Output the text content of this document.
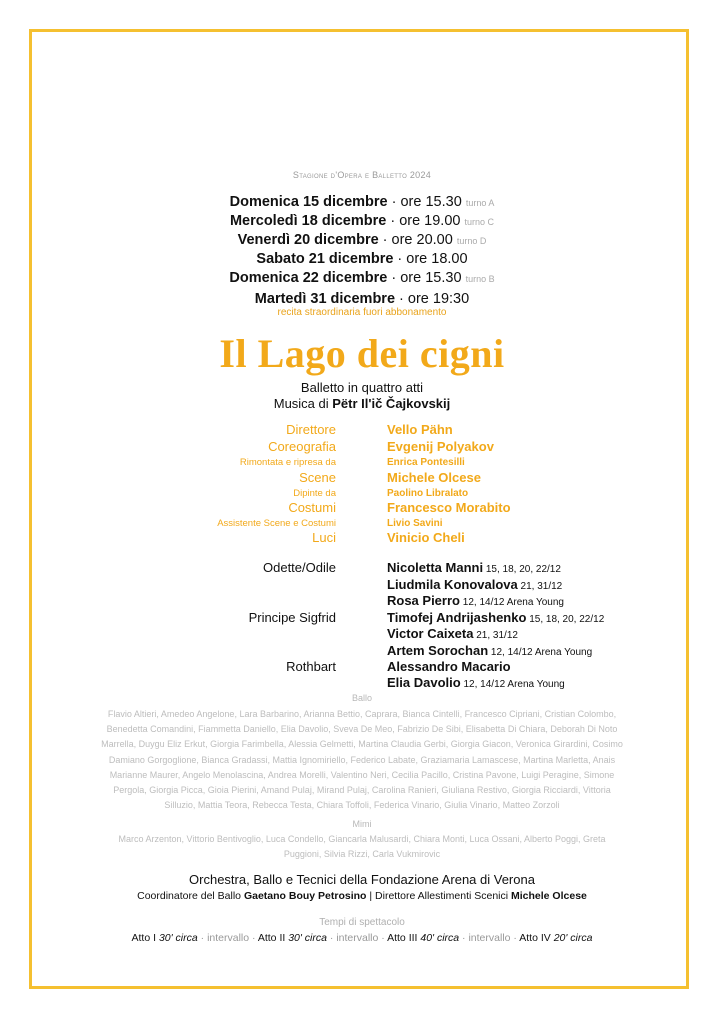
Stagione d'Opera e Balletto 2024
Domenica 15 dicembre · ore 15.30 turno A
Mercoledì 18 dicembre · ore 19.00 turno C
Venerdì 20 dicembre · ore 20.00 turno D
Sabato 21 dicembre · ore 18.00
Domenica 22 dicembre · ore 15.30 turno B
Martedì 31 dicembre · ore 19:30
recita straordinaria fuori abbonamento
Il Lago dei cigni
Balletto in quattro atti
Musica di Pëtr Il'ič Čajkovskij
Direttore	Vello Pähn
Coreografia	Evgenij Polyakov
Rimontata e ripresa da	Enrica Pontesilli
Scene	Michele Olcese
Dipinte da	Paolino Libralato
Costumi	Francesco Morabito
Assistente Scene e Costumi	Livio Savini
Luci	Vinicio Cheli
Odette/Odile	Nicoletta Manni 15, 18, 20, 22/12
Liudmila Konovalova 21, 31/12
Rosa Pierro 12, 14/12 Arena Young
Principe Sigfrid	Timofej Andrijashenko 15, 18, 20, 22/12
Victor Caixeta 21, 31/12
Artem Sorochan 12, 14/12 Arena Young
Rothbart	Alessandro Macario
Elia Davolio 12, 14/12 Arena Young
Ballo
Flavio Altieri, Amedeo Angelone, Lara Barbarino, Arianna Bettio, Caprara, Bianca Cintelli, Francesco Cipriani, Cristian Colombo, Benedetta Comandini, Fiammetta Daniello, Elia Davolio, Sveva De Meo, Fabrizio De Sibi, Elisabetta Di Chiara, Deborah Di Noto Marrella, Duygu Eliz Erkut, Giorgia Farimbella, Alessia Gelmetti, Martina Claudia Gerbi, Giorgia Giacon, Veronica Girardini, Cosimo Damiano Gorgoglione, Bianca Gradassi, Mattia Ignomiriello, Federico Labate, Graziamaria Lamascese, Martina Marletta, Anais Marianne Maurer, Angelo Menolascina, Andrea Morelli, Valentino Neri, Cecilia Pacillo, Cristina Pavone, Luigi Peragine, Simone Pergola, Giorgia Picca, Gioia Pierini, Amand Pulaj, Mirand Pulaj, Carolina Ranieri, Giuliana Restivo, Giorgia Ricciardi, Vittoria Silluzio, Mattia Teora, Rebecca Testa, Chiara Toffoli, Federica Vinario, Giulia Vinario, Matteo Zorzoli
Mimi
Marco Arzenton, Vittorio Bentivoglio, Luca Condello, Giancarla Malusardi, Chiara Monti, Luca Ossani, Alberto Poggi, Greta Puggioni, Silvia Rizzi, Carla Vukmirovic
Orchestra, Ballo e Tecnici della Fondazione Arena di Verona
Coordinatore del Ballo Gaetano Bouy Petrosino | Direttore Allestimenti Scenici Michele Olcese
Tempi di spettacolo
Atto I 30' circa · intervallo · Atto II 30' circa · intervallo · Atto III 40' circa · intervallo · Atto IV 20' circa
